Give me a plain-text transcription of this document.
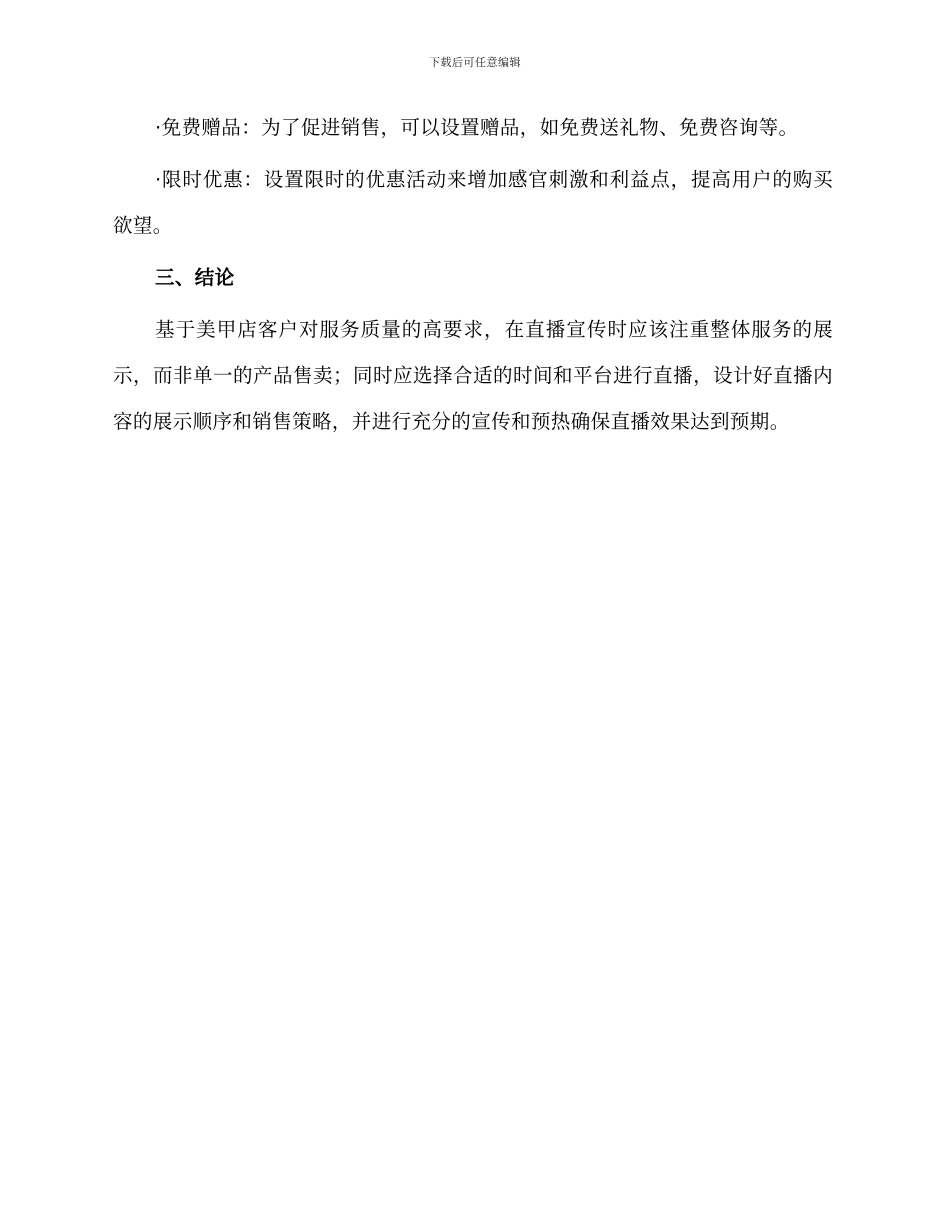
下载后可任意编辑

·免费赠品：为了促进销售，可以设置赠品，如免费送礼物、免费咨询等。

·限时优惠：设置限时的优惠活动来增加感官刺激和利益点，提高用户的购买欲望。

三、结论

基于美甲店客户对服务质量的高要求，在直播宣传时应该注重整体服务的展示，而非单一的产品售卖；同时应选择合适的时间和平台进行直播，设计好直播内容的展示顺序和销售策略，并进行充分的宣传和预热确保直播效果达到预期。
